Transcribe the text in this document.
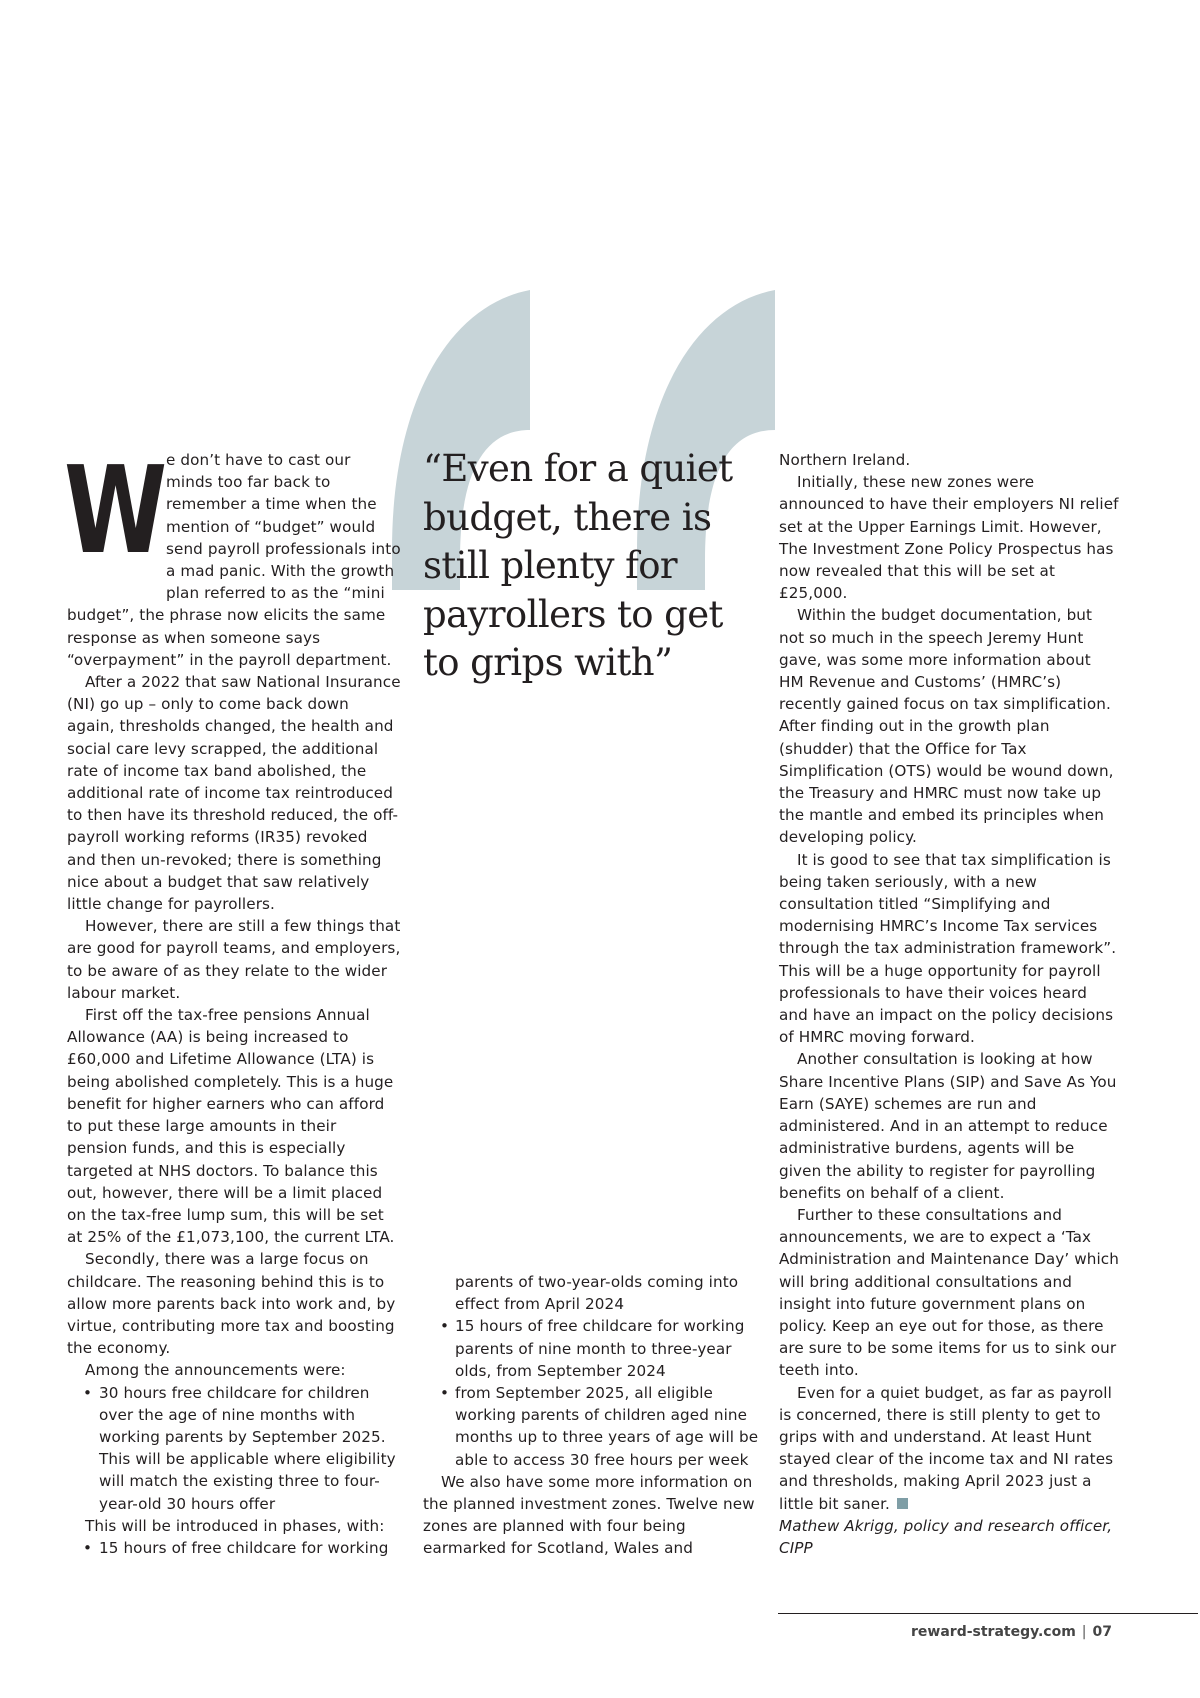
W e don’t have to cast our minds too far back to remember a time when the mention of “budget” would send payroll professionals into a mad panic. With the growth plan referred to as the “mini budget”, the phrase now elicits the same response as when someone says “overpayment” in the payroll department.

After a 2022 that saw National Insurance (NI) go up – only to come back down again, thresholds changed, the health and social care levy scrapped, the additional rate of income tax band abolished, the additional rate of income tax reintroduced to then have its threshold reduced, the off-payroll working reforms (IR35) revoked and then un-revoked; there is something nice about a budget that saw relatively little change for payrollers.

However, there are still a few things that are good for payroll teams, and employers, to be aware of as they relate to the wider labour market.

First off the tax-free pensions Annual Allowance (AA) is being increased to £60,000 and Lifetime Allowance (LTA) is being abolished completely. This is a huge benefit for higher earners who can afford to put these large amounts in their pension funds, and this is especially targeted at NHS doctors. To balance this out, however, there will be a limit placed on the tax-free lump sum, this will be set at 25% of the £1,073,100, the current LTA.

Secondly, there was a large focus on childcare. The reasoning behind this is to allow more parents back into work and, by virtue, contributing more tax and boosting the economy.

Among the announcements were:

• 30 hours free childcare for children over the age of nine months with working parents by September 2025. This will be applicable where eligibility will match the existing three to four-year-old 30 hours offer

This will be introduced in phases, with:

• 15 hours of free childcare for working
“Even for a quiet budget, there is still plenty for payrollers to get to grips with”
parents of two-year-olds coming into effect from April 2024
• 15 hours of free childcare for working parents of nine month to three-year olds, from September 2024
• from September 2025, all eligible working parents of children aged nine months up to three years of age will be able to access 30 free hours per week

We also have some more information on the planned investment zones. Twelve new zones are planned with four being earmarked for Scotland, Wales and

Northern Ireland.

Initially, these new zones were announced to have their employers NI relief set at the Upper Earnings Limit. However, The Investment Zone Policy Prospectus has now revealed that this will be set at £25,000.

Within the budget documentation, but not so much in the speech Jeremy Hunt gave, was some more information about HM Revenue and Customs’ (HMRC’s) recently gained focus on tax simplification. After finding out in the growth plan (shudder) that the Office for Tax Simplification (OTS) would be wound down, the Treasury and HMRC must now take up the mantle and embed its principles when developing policy.

It is good to see that tax simplification is being taken seriously, with a new consultation titled “Simplifying and modernising HMRC’s Income Tax services through the tax administration framework”. This will be a huge opportunity for payroll professionals to have their voices heard and have an impact on the policy decisions of HMRC moving forward.

Another consultation is looking at how Share Incentive Plans (SIP) and Save As You Earn (SAYE) schemes are run and administered. And in an attempt to reduce administrative burdens, agents will be given the ability to register for payrolling benefits on behalf of a client.

Further to these consultations and announcements, we are to expect a ‘Tax Administration and Maintenance Day’ which will bring additional consultations and insight into future government plans on policy. Keep an eye out for those, as there are sure to be some items for us to sink our teeth into.

Even for a quiet budget, as far as payroll is concerned, there is still plenty to get to grips with and understand. At least Hunt stayed clear of the income tax and NI rates and thresholds, making April 2023 just a little bit saner.

Mathew Akrigg, policy and research officer, CIPP

reward-strategy.com | 07
